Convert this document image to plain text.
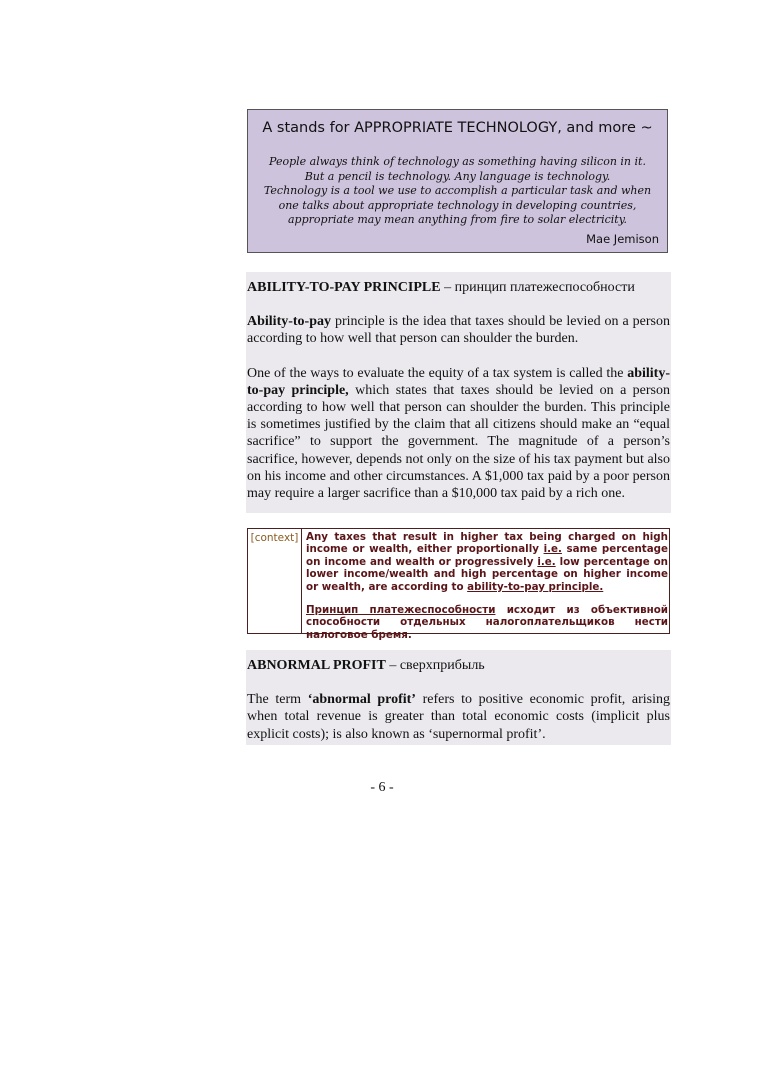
A stands for APPROPRIATE TECHNOLOGY, and more ~
People always think of technology as something having silicon in it.
But a pencil is technology. Any language is technology.
Technology is a tool we use to accomplish a particular task and when
one talks about appropriate technology in developing countries,
appropriate may mean anything from fire to solar electricity.
Mae Jemison

ABILITY-TO-PAY PRINCIPLE – принцип платежеспособности

Ability-to-pay principle is the idea that taxes should be levied on a person according to how well that person can shoulder the burden.

One of the ways to evaluate the equity of a tax system is called the ability-to-pay principle, which states that taxes should be levied on a person according to how well that person can shoulder the burden. This principle is sometimes justified by the claim that all citizens should make an “equal sacrifice” to support the government. The magnitude of a person’s sacrifice, however, depends not only on the size of his tax payment but also on his income and other circumstances. A $1,000 tax paid by a poor person may require a larger sacrifice than a $10,000 tax paid by a rich one.

[context] Any taxes that result in higher tax being charged on high income or wealth, either proportionally i.e. same percentage on income and wealth or progressively i.e. low percentage on lower income/wealth and high percentage on higher income or wealth, are according to ability-to-pay principle.

Принцип платежеспособности исходит из объективной способности отдельных налогоплательщиков нести налоговое бремя.

ABNORMAL PROFIT – сверхприбыль

The term ‘abnormal profit’ refers to positive economic profit, arising when total revenue is greater than total economic costs (implicit plus explicit costs); is also known as ‘supernormal profit’.

- 6 -
